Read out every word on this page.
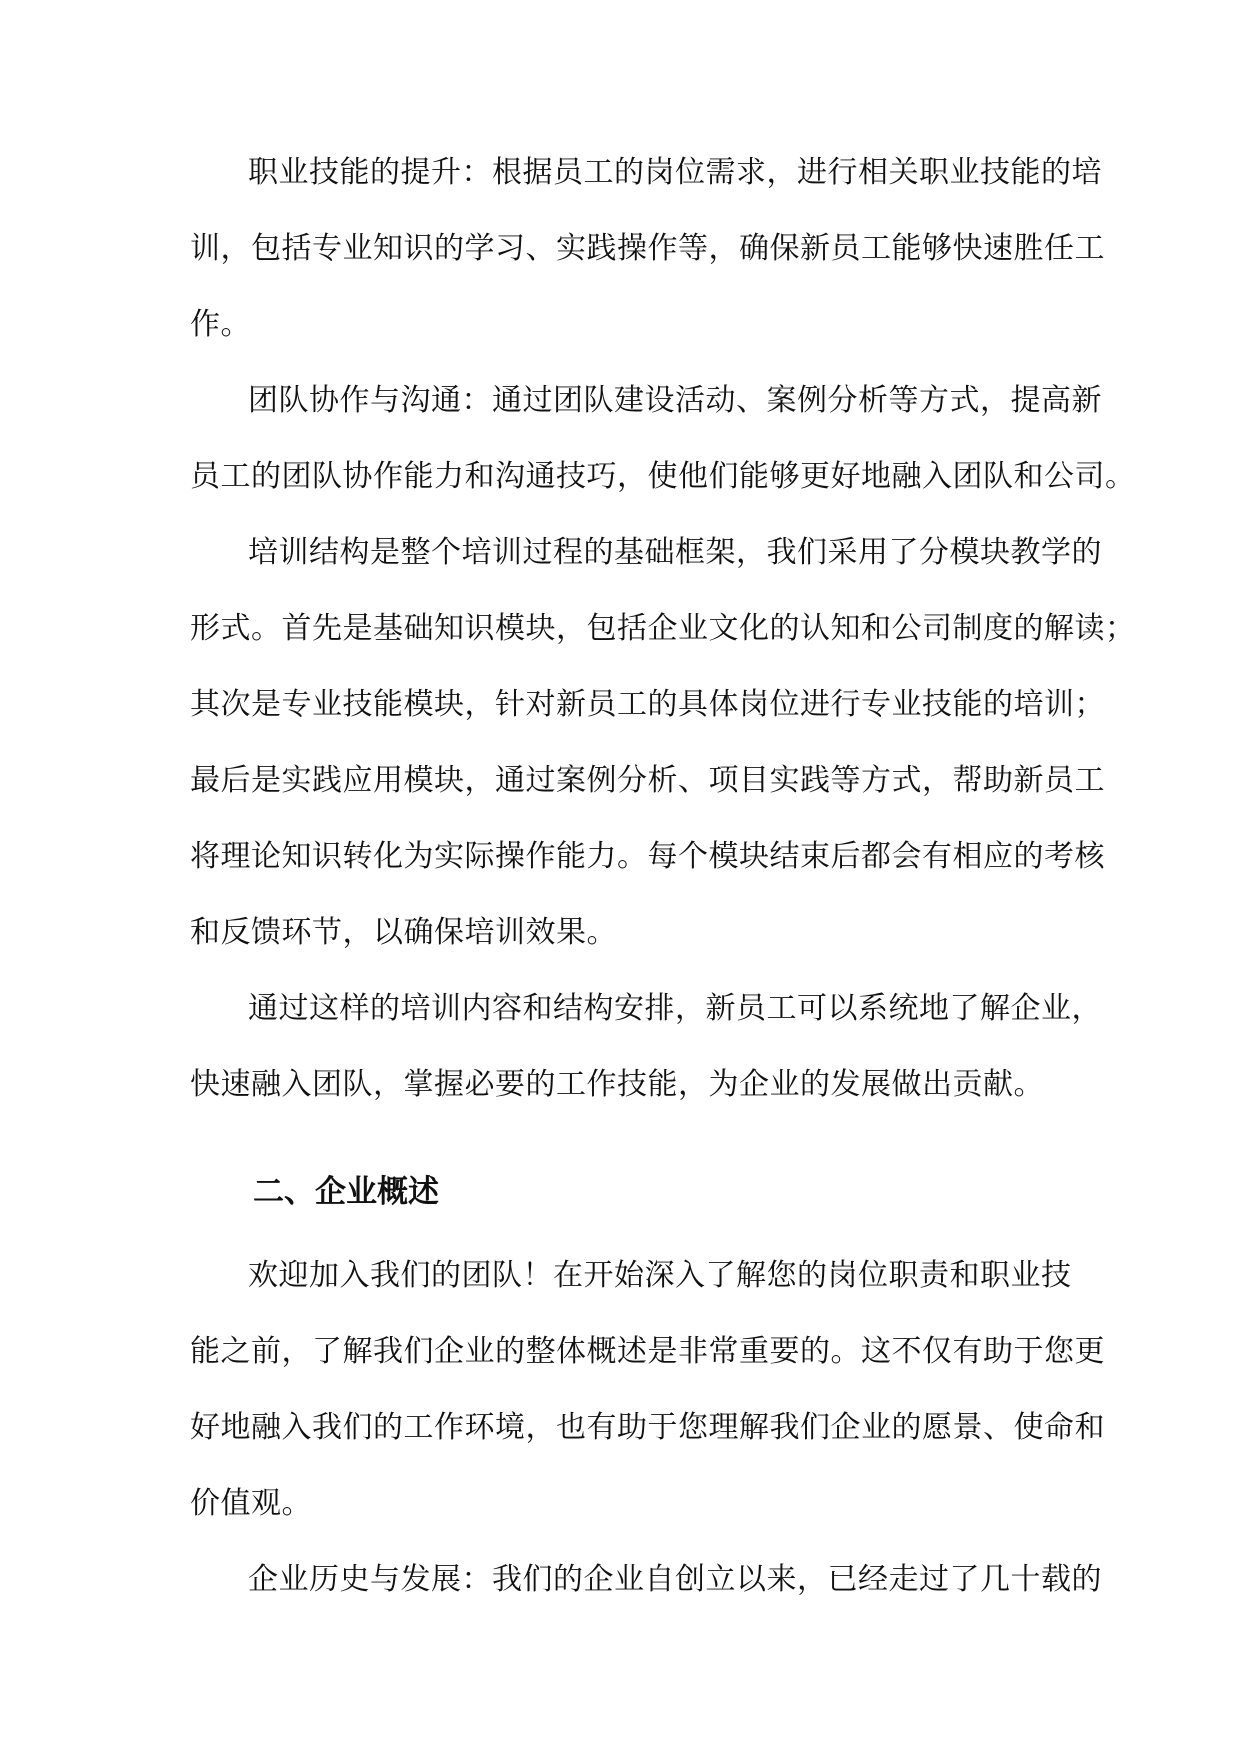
职业技能的提升：根据员工的岗位需求，进行相关职业技能的培
训，包括专业知识的学习、实践操作等，确保新员工能够快速胜任工
作。
团队协作与沟通：通过团队建设活动、案例分析等方式，提高新
员工的团队协作能力和沟通技巧，使他们能够更好地融入团队和公司。
培训结构是整个培训过程的基础框架，我们采用了分模块教学的
形式。首先是基础知识模块，包括企业文化的认知和公司制度的解读；
其次是专业技能模块，针对新员工的具体岗位进行专业技能的培训；
最后是实践应用模块，通过案例分析、项目实践等方式，帮助新员工
将理论知识转化为实际操作能力。每个模块结束后都会有相应的考核
和反馈环节，以确保培训效果。
通过这样的培训内容和结构安排，新员工可以系统地了解企业，
快速融入团队，掌握必要的工作技能，为企业的发展做出贡献。
二、企业概述
欢迎加入我们的团队！在开始深入了解您的岗位职责和职业技
能之前，了解我们企业的整体概述是非常重要的。这不仅有助于您更
好地融入我们的工作环境，也有助于您理解我们企业的愿景、使命和
价值观。
企业历史与发展：我们的企业自创立以来，已经走过了几十载的
